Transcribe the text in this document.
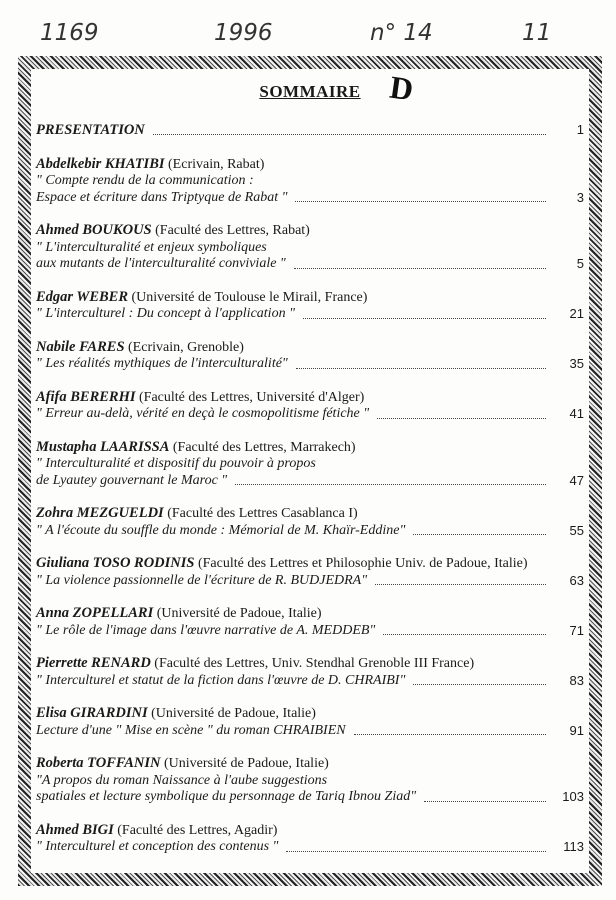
1169	1996	n° 14	11
SOMMAIRE D
PRESENTATION	1
Abdelkebir KHATIBI (Ecrivain, Rabat)
" Compte rendu de la communication :
Espace et écriture dans Triptyque de Rabat "	3
Ahmed BOUKOUS (Faculté des Lettres, Rabat)
" L'interculturalité et enjeux symboliques
aux mutants de l'interculturalité conviviale "	5
Edgar WEBER (Université de Toulouse le Mirail, France)
" L'interculturel : Du concept à l'application "	21
Nabile FARES (Ecrivain, Grenoble)
" Les réalités mythiques de l'interculturalité"	35
Afifa BERERHI (Faculté des Lettres, Université d'Alger)
" Erreur au-delà, vérité en deçà le cosmopolitisme fétiche "	41
Mustapha LAARISSA (Faculté des Lettres, Marrakech)
" Interculturalité et dispositif du pouvoir à propos
de Lyautey gouvernant le Maroc "	47
Zohra MEZGUELDI (Faculté des Lettres Casablanca I)
" A l'écoute du souffle du monde : Mémorial de M. Khaïr-Eddine"	55
Giuliana TOSO RODINIS (Faculté des Lettres et Philosophie Univ. de Padoue, Italie)
" La violence passionnelle de l'écriture de R. BUDJEDRA"	63
Anna ZOPELLARI (Université de Padoue, Italie)
" Le rôle de l'image dans l'œuvre narrative de A. MEDDEB"	71
Pierrette RENARD (Faculté des Lettres, Univ. Stendhal Grenoble III France)
" Interculturel et statut de la fiction dans l'œuvre de D. CHRAIBI"	83
Elisa GIRARDINI (Université de Padoue, Italie)
Lecture d'une " Mise en scène " du roman CHRAIBIEN	91
Roberta TOFFANIN (Université de Padoue, Italie)
"A propos du roman Naissance à l'aube suggestions
spatiales et lecture symbolique du personnage de Tariq Ibnou Ziad"	103
Ahmed BIGI (Faculté des Lettres, Agadir)
" Interculturel et conception des contenus "	113
